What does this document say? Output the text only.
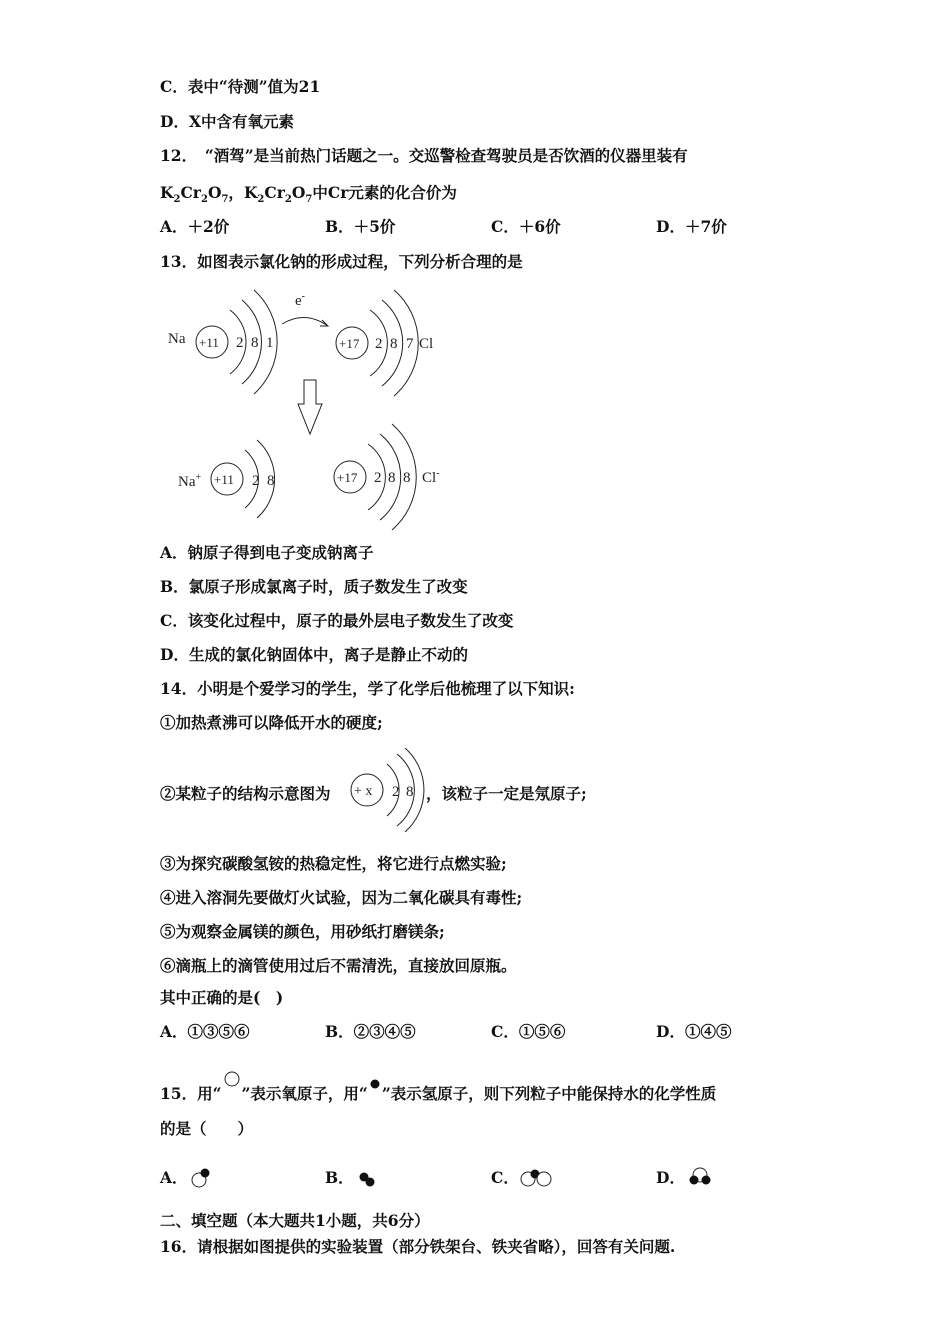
C．表中“待测”值为21
D．X中含有氧元素
12．　“酒驾”是当前热门话题之一。交巡警检查驾驶员是否饮酒的仪器里装有
$K_2Cr_2O_7$，$K_2Cr_2O_7$中Cr元素的化合价为
A．＋2价	B．＋5价	C．＋6价	D．＋7价
13．如图表示氯化钠的形成过程，下列分析合理的是
Na +11 2 8 1
e-
+17 2 8 7 Cl
Na+ +11 2 8	+17 2 8 8 Cl-
A．钠原子得到电子变成钠离子
B．氯原子形成氯离子时，质子数发生了改变
C．该变化过程中，原子的最外层电子数发生了改变
D．生成的氯化钠固体中，离子是静止不动的
14．小明是个爱学习的学生，学了化学后他梳理了以下知识:
①加热煮沸可以降低开水的硬度;
②某粒子的结构示意图为 + x 2 8 ，该粒子一定是氖原子;
③为探究碳酸氢铵的热稳定性，将它进行点燃实验;
④进入溶洞先要做灯火试验，因为二氧化碳具有毒性;
⑤为观察金属镁的颜色，用砂纸打磨镁条;
⑥滴瓶上的滴管使用过后不需清洗，直接放回原瓶。
其中正确的是(　)
A．①③⑤⑥	B．②③④⑤	C．①⑤⑥	D．①④⑤
15．用“ ”表示氧原子，用“ ”表示氢原子，则下列粒子中能保持水的化学性质
的是（　　）
A．	B．	C．	D．
二、填空题（本大题共1小题，共6分）
16．请根据如图提供的实验装置（部分铁架台、铁夹省略），回答有关问题.
